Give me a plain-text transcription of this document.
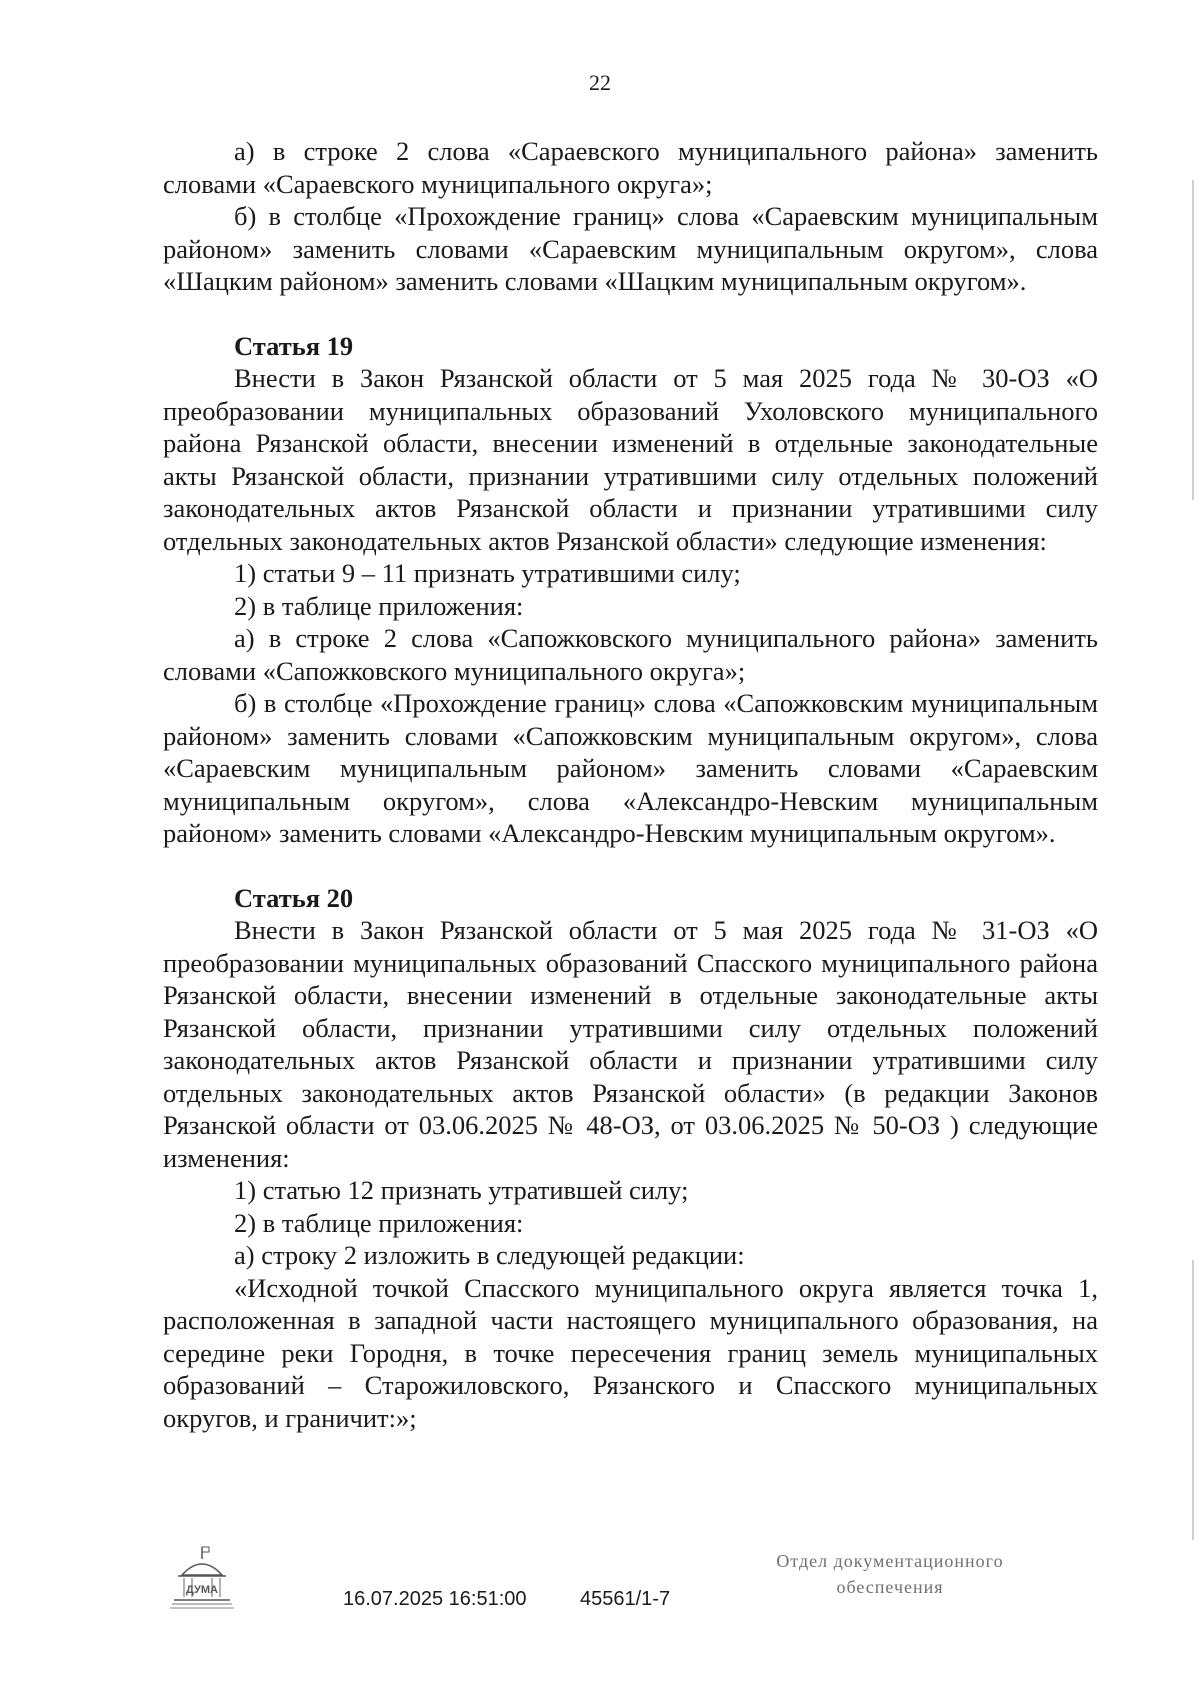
22

а) в строке 2 слова «Сараевского муниципального района» заменить словами «Сараевского муниципального округа»;

б) в столбце «Прохождение границ» слова «Сараевским муниципальным районом» заменить словами «Сараевским муниципальным округом», слова «Шацким районом» заменить словами «Шацким муниципальным округом».

Статья 19

Внести в Закон Рязанской области от 5 мая 2025 года № 30-ОЗ «О преобразовании муниципальных образований Ухоловского муниципального района Рязанской области, внесении изменений в отдельные законодательные акты Рязанской области, признании утратившими силу отдельных положений законодательных актов Рязанской области и признании утратившими силу отдельных законодательных актов Рязанской области» следующие изменения:

1) статьи 9 – 11 признать утратившими силу;

2) в таблице приложения:

а) в строке 2 слова «Сапожковского муниципального района» заменить словами «Сапожковского муниципального округа»;

б) в столбце «Прохождение границ» слова «Сапожковским муниципальным районом» заменить словами «Сапожковским муниципальным округом», слова «Сараевским муниципальным районом» заменить словами «Сараевским муниципальным округом», слова «Александро-Невским муниципальным районом» заменить словами «Александро-Невским муниципальным округом».

Статья 20

Внести в Закон Рязанской области от 5 мая 2025 года № 31-ОЗ «О преобразовании муниципальных образований Спасского муниципального района Рязанской области, внесении изменений в отдельные законодательные акты Рязанской области, признании утратившими силу отдельных положений законодательных актов Рязанской области и признании утратившими силу отдельных законодательных актов Рязанской области» (в редакции Законов Рязанской области от 03.06.2025 № 48-ОЗ, от 03.06.2025 № 50-ОЗ ) следующие изменения:

1) статью 12 признать утратившей силу;

2) в таблице приложения:

а) строку 2 изложить в следующей редакции:

«Исходной точкой Спасского муниципального округа является точка 1, расположенная в западной части настоящего муниципального образования, на середине реки Городня, в точке пересечения границ земель муниципальных образований – Старожиловского, Рязанского и Спасского муниципальных округов, и граничит:»;

ДУМА	16.07.2025 16:51:00	45561/1-7
Отдел документационного
обеспечения
